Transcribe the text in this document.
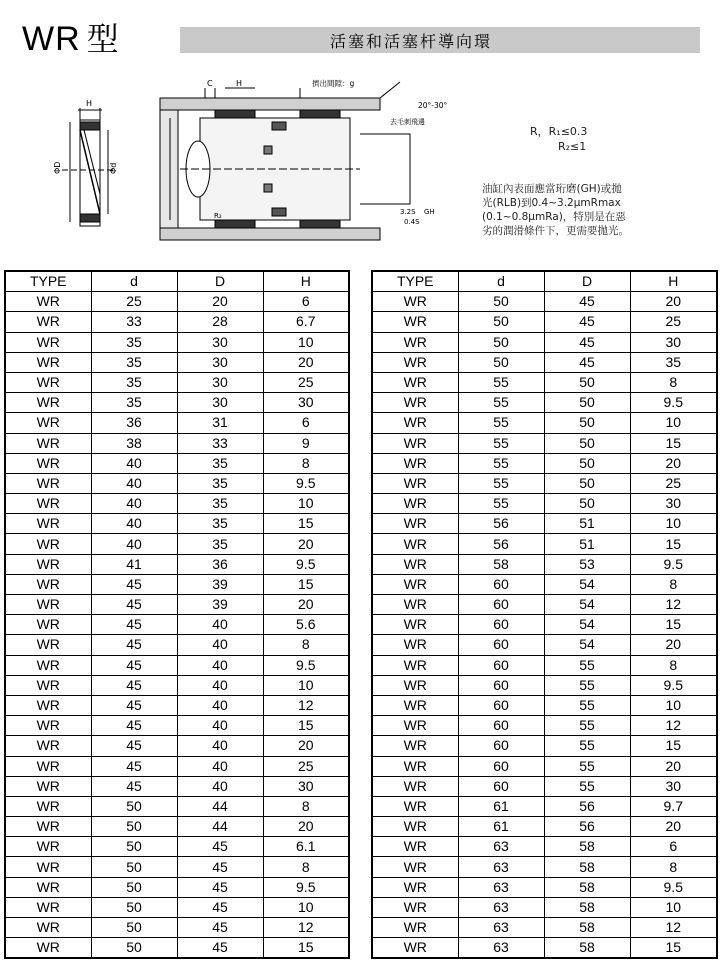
WR 型	活塞和活塞杆導向環
H
ΦD	Φd
C	H	擠出間隙：g
20°-30°
去毛刺飛邊
R₂	3.2S GH
0.4S
R，R₁≤0.3
R₂≤1
油缸內表面應當珩磨(GH)或拋
光(RLB)到0.4~3.2μmRmax
(0.1~0.8μmRa)，特別是在惡
劣的潤滑條件下，更需要拋光。
TYPE	d	D	H
WR	25	20	6
WR	33	28	6.7
WR	35	30	10
WR	35	30	20
WR	35	30	25
WR	35	30	30
WR	36	31	6
WR	38	33	9
WR	40	35	8
WR	40	35	9.5
WR	40	35	10
WR	40	35	15
WR	40	35	20
WR	41	36	9.5
WR	45	39	15
WR	45	39	20
WR	45	40	5.6
WR	45	40	8
WR	45	40	9.5
WR	45	40	10
WR	45	40	12
WR	45	40	15
WR	45	40	20
WR	45	40	25
WR	45	40	30
WR	50	44	8
WR	50	44	20
WR	50	45	6.1
WR	50	45	8
WR	50	45	9.5
WR	50	45	10
WR	50	45	12
WR	50	45	15
TYPE	d	D	H
WR	50	45	20
WR	50	45	25
WR	50	45	30
WR	50	45	35
WR	55	50	8
WR	55	50	9.5
WR	55	50	10
WR	55	50	15
WR	55	50	20
WR	55	50	25
WR	55	50	30
WR	56	51	10
WR	56	51	15
WR	58	53	9.5
WR	60	54	8
WR	60	54	12
WR	60	54	15
WR	60	54	20
WR	60	55	8
WR	60	55	9.5
WR	60	55	10
WR	60	55	12
WR	60	55	15
WR	60	55	20
WR	60	55	30
WR	61	56	9.7
WR	61	56	20
WR	63	58	6
WR	63	58	8
WR	63	58	9.5
WR	63	58	10
WR	63	58	12
WR	63	58	15
